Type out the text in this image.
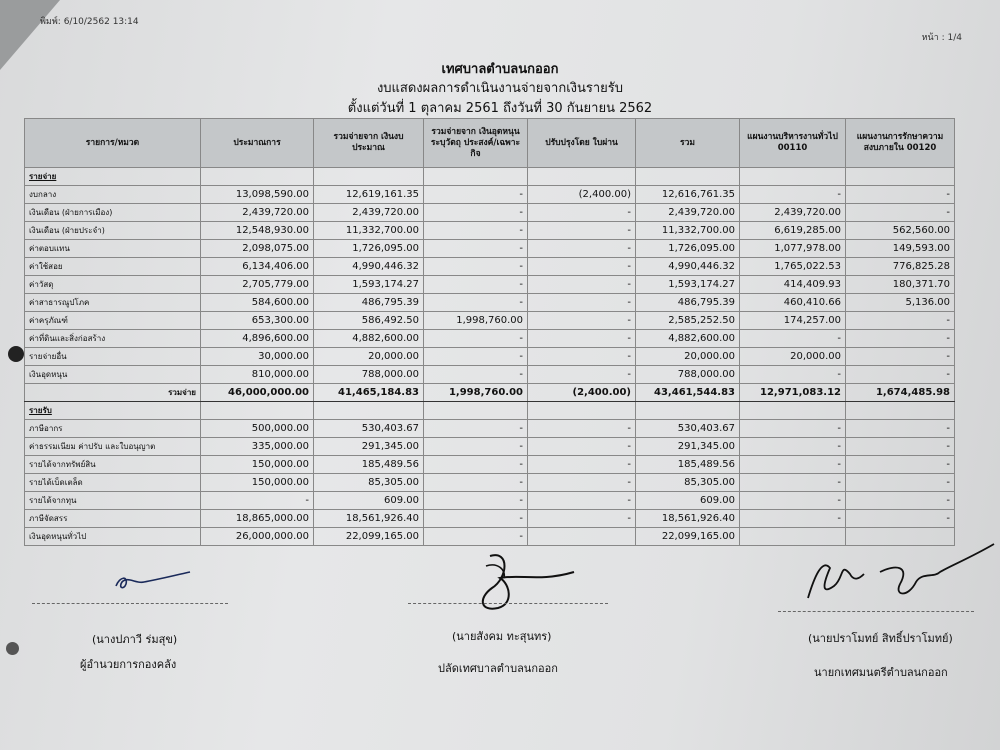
พิมพ์: 6/10/2562 13:14
หน้า : 1/4
เทศบาลตำบลนกออก
งบแสดงผลการดำเนินงานจ่ายจากเงินรายรับ
ตั้งแต่วันที่ 1 ตุลาคม 2561 ถึงวันที่ 30 กันยายน 2562
รายการ/หมวด	ประมาณการ	รวมจ่ายจาก เงินงบประมาณ	รวมจ่ายจาก เงินอุดหนุนระบุวัตถุ ประสงค์/เฉพาะกิจ	ปรับปรุงโดย ใบผ่าน	รวม	แผนงานบริหารงานทั่วไป 00110	แผนงานการรักษาความ สงบภายใน 00120
รายจ่าย							
งบกลาง	13,098,590.00	12,619,161.35	-	(2,400.00)	12,616,761.35	-	-
เงินเดือน (ฝ่ายการเมือง)	2,439,720.00	2,439,720.00	-	-	2,439,720.00	2,439,720.00	-
เงินเดือน (ฝ่ายประจำ)	12,548,930.00	11,332,700.00	-	-	11,332,700.00	6,619,285.00	562,560.00
ค่าตอบแทน	2,098,075.00	1,726,095.00	-	-	1,726,095.00	1,077,978.00	149,593.00
ค่าใช้สอย	6,134,406.00	4,990,446.32	-	-	4,990,446.32	1,765,022.53	776,825.28
ค่าวัสดุ	2,705,779.00	1,593,174.27	-	-	1,593,174.27	414,409.93	180,371.70
ค่าสาธารณูปโภค	584,600.00	486,795.39	-	-	486,795.39	460,410.66	5,136.00
ค่าครุภัณฑ์	653,300.00	586,492.50	1,998,760.00	-	2,585,252.50	174,257.00	-
ค่าที่ดินและสิ่งก่อสร้าง	4,896,600.00	4,882,600.00	-	-	4,882,600.00	-	-
รายจ่ายอื่น	30,000.00	20,000.00	-	-	20,000.00	20,000.00	-
เงินอุดหนุน	810,000.00	788,000.00	-	-	788,000.00	-	-
รวมจ่าย	46,000,000.00	41,465,184.83	1,998,760.00	(2,400.00)	43,461,544.83	12,971,083.12	1,674,485.98
รายรับ							
ภาษีอากร	500,000.00	530,403.67	-	-	530,403.67	-	-
ค่าธรรมเนียม ค่าปรับ และใบอนุญาต	335,000.00	291,345.00	-	-	291,345.00	-	-
รายได้จากทรัพย์สิน	150,000.00	185,489.56	-	-	185,489.56	-	-
รายได้เบ็ดเตล็ด	150,000.00	85,305.00	-	-	85,305.00	-	-
รายได้จากทุน	-	609.00	-	-	609.00	-	-
ภาษีจัดสรร	18,865,000.00	18,561,926.40	-	-	18,561,926.40	-	-
เงินอุดหนุนทั่วไป	26,000,000.00	22,099,165.00	-		22,099,165.00		
(นางปภาวี ร่มสุข)
ผู้อำนวยการกองคลัง
(นายสังคม ทะสุนทร)
ปลัดเทศบาลตำบลนกออก
(นายปราโมทย์ สิทธิ์ปราโมทย์)
นายกเทศมนตรีตำบลนกออก
